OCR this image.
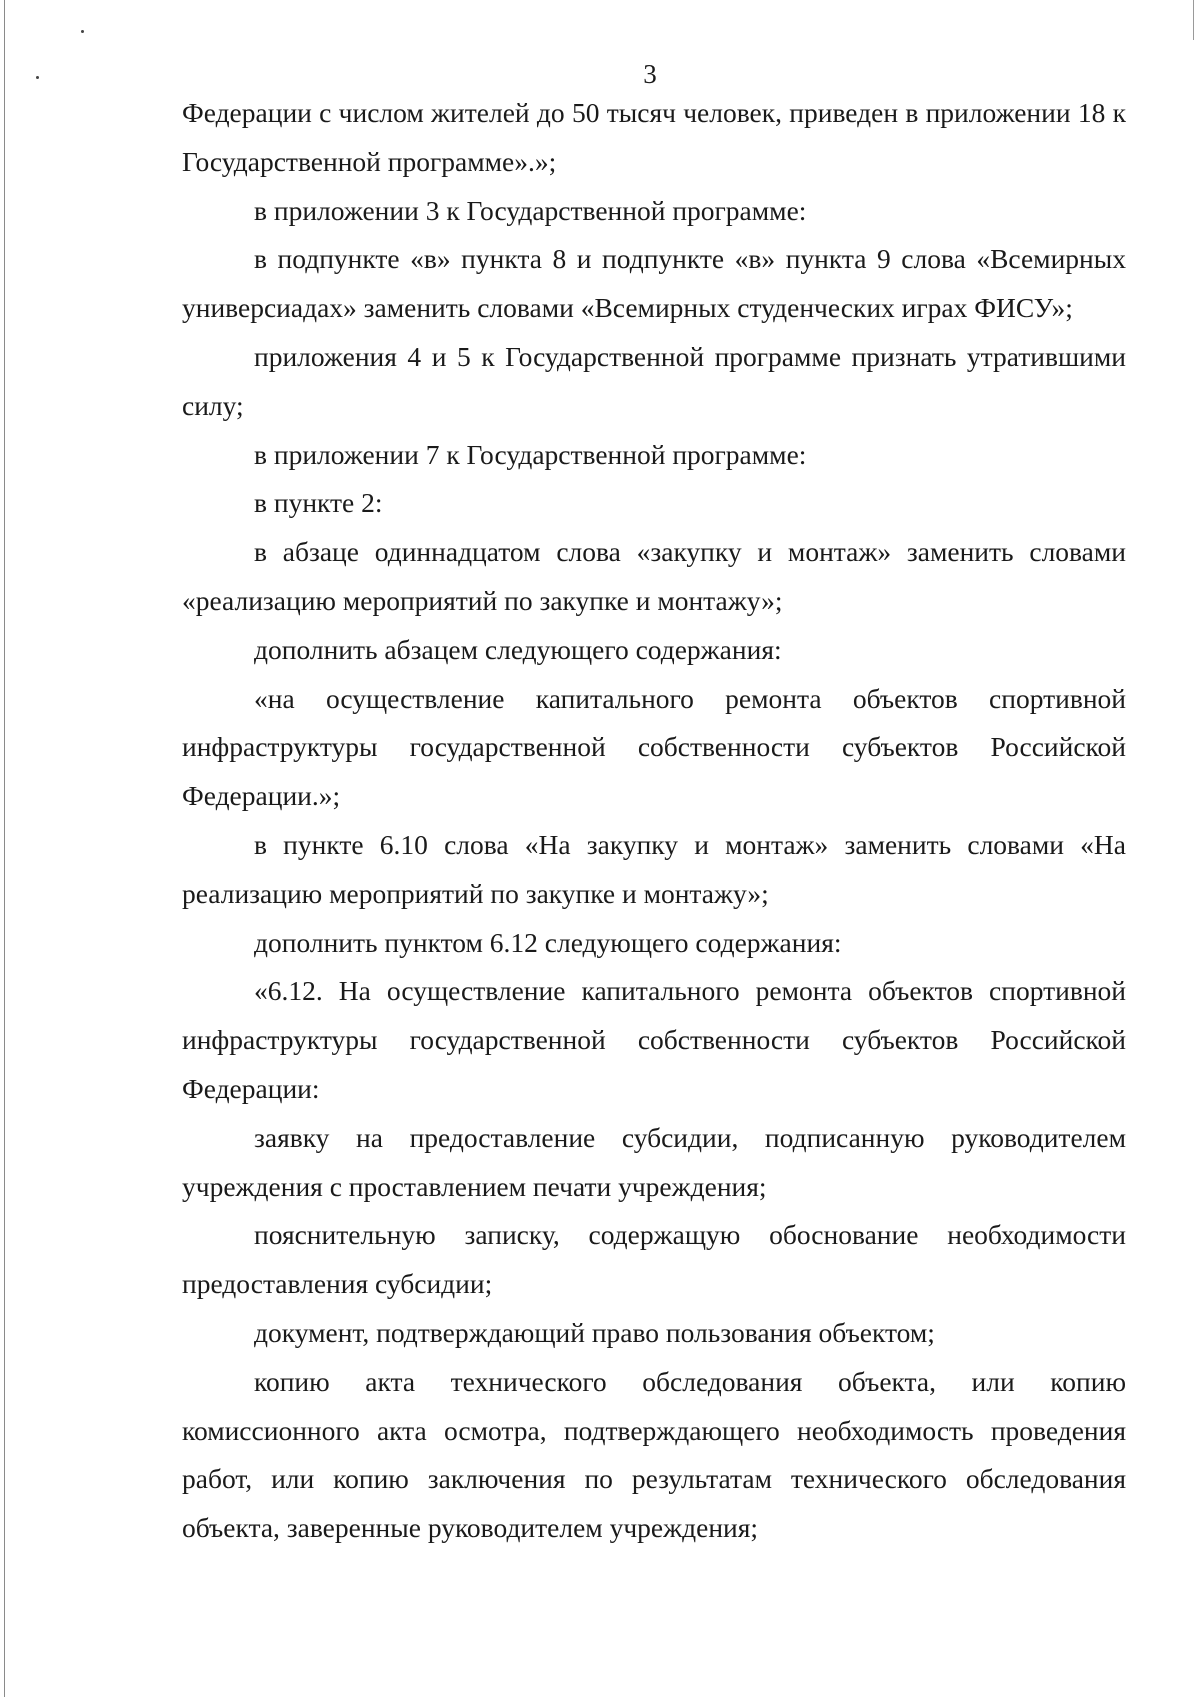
3

Федерации с числом жителей до 50 тысяч человек, приведен в приложении 18 к Государственной программе».»;

в приложении 3 к Государственной программе:

в подпункте «в» пункта 8 и подпункте «в» пункта 9 слова «Всемирных универсиадах» заменить словами «Всемирных студенческих играх ФИСУ»;

приложения 4 и 5 к Государственной программе признать утратившими силу;

в приложении 7 к Государственной программе:

в пункте 2:

в абзаце одиннадцатом слова «закупку и монтаж» заменить словами «реализацию мероприятий по закупке и монтажу»;

дополнить абзацем следующего содержания:

«на осуществление капитального ремонта объектов спортивной инфраструктуры государственной собственности субъектов Российской Федерации.»;

в пункте 6.10 слова «На закупку и монтаж» заменить словами «На реализацию мероприятий по закупке и монтажу»;

дополнить пунктом 6.12 следующего содержания:

«6.12. На осуществление капитального ремонта объектов спортивной инфраструктуры государственной собственности субъектов Российской Федерации:

заявку на предоставление субсидии, подписанную руководителем учреждения с проставлением печати учреждения;

пояснительную записку, содержащую обоснование необходимости предоставления субсидии;

документ, подтверждающий право пользования объектом;

копию акта технического обследования объекта, или копию комиссионного акта осмотра, подтверждающего необходимость проведения работ, или копию заключения по результатам технического обследования объекта, заверенные руководителем учреждения;
